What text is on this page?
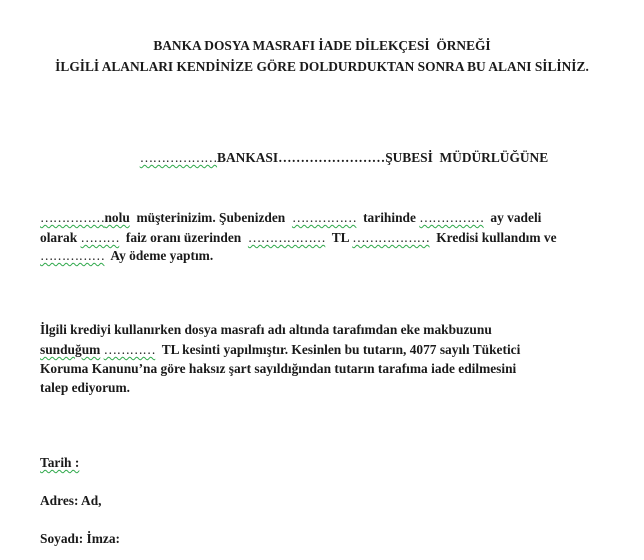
BANKA DOSYA MASRAFI İADE DİLEKÇESİ  ÖRNEĞİ
İLGİLİ ALANLARI KENDİNİZE GÖRE DOLDURDUKTAN SONRA BU ALANI SİLİNİZ.

………………BANKASI……………………ŞUBESİ  MÜDÜRLÜĞÜNE

……………nolu  müşterinizim. Şubenizden  ……………  tarihinde ……………  ay vadeli
olarak ………  faiz oranı üzerinden  ………………  TL ………………  Kredisi kullandım ve
……………  Ay ödeme yaptım.
İlgili krediyi kullanırken dosya masrafı adı altında tarafımdan eke makbuzunu
sunduğum …………  TL kesinti yapılmıştır. Kesinlen bu tutarın, 4077 sayılı Tüketici
Koruma Kanunu’na göre haksız şart sayıldığından tutarın tarafıma iade edilmesini
talep ediyorum.
Tarih :
Adres: Ad,
Soyadı: İmza:
